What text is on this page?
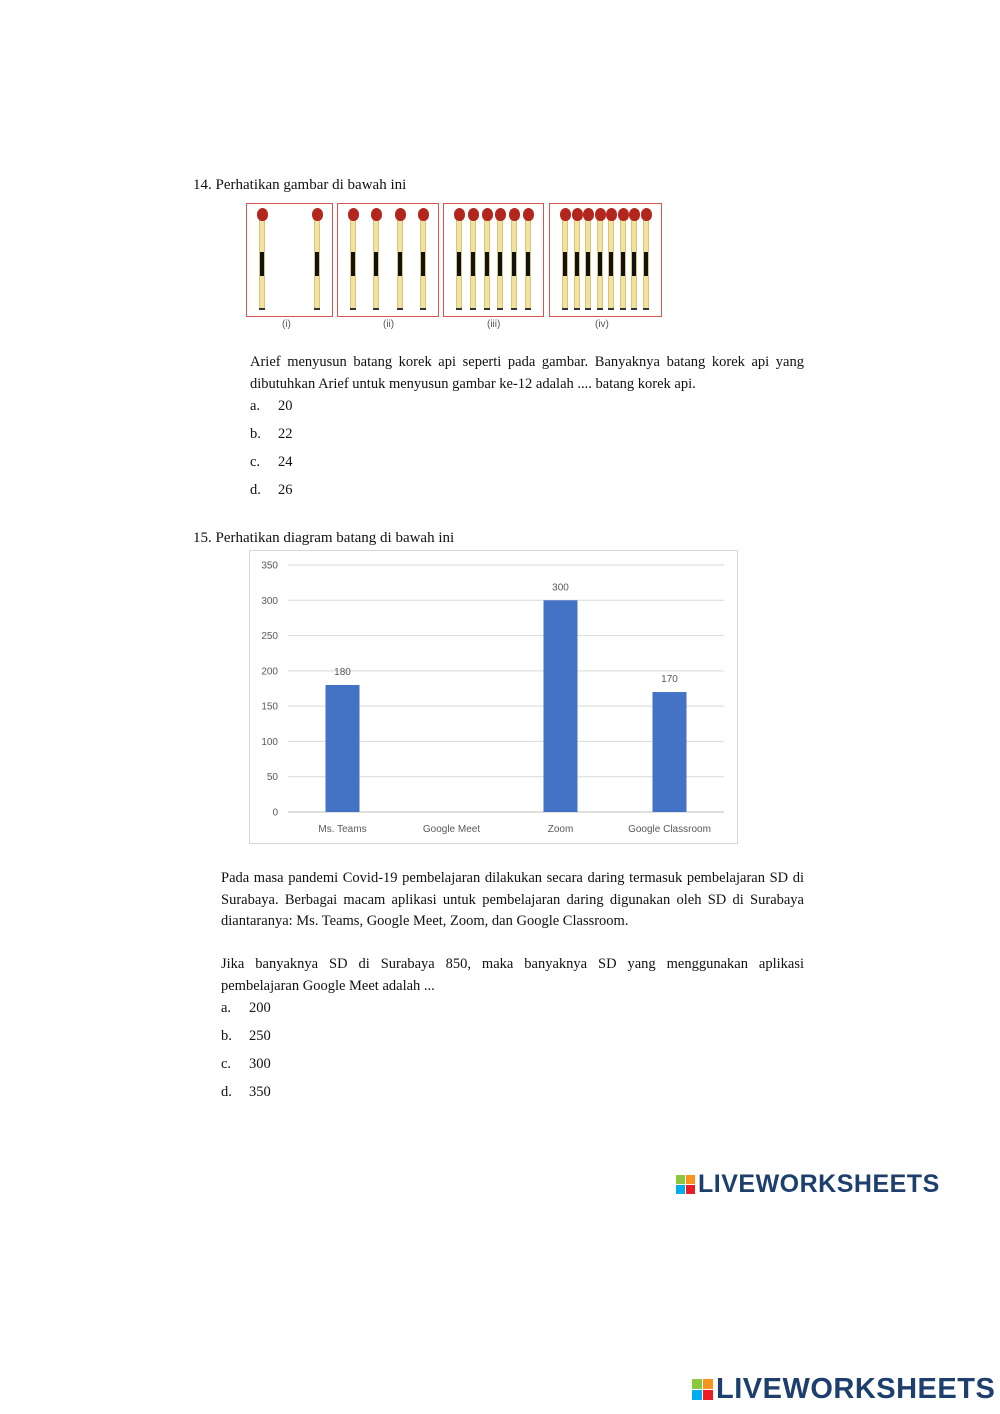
14. Perhatikan gambar di bawah ini
(i)	(ii)	(iii)	(iv)
Arief menyusun batang korek api seperti pada gambar. Banyaknya batang korek api yang dibutuhkan Arief untuk menyusun gambar ke-12 adalah .... batang korek api.
a. 20
b. 22
c. 24
d. 26
15. Perhatikan diagram batang di bawah ini
0
50
100
150
200
250
300
350
180
Ms. Teams	Google Meet
300
Zoom
170
Google Classroom
Pada masa pandemi Covid-19 pembelajaran dilakukan secara daring termasuk pembelajaran SD di Surabaya. Berbagai macam aplikasi untuk pembelajaran daring digunakan oleh SD di Surabaya diantaranya: Ms. Teams, Google Meet, Zoom, dan Google Classroom.
Jika banyaknya SD di Surabaya 850, maka banyaknya SD yang menggunakan aplikasi pembelajaran Google Meet adalah ...
a. 200
b. 250
c. 300
d. 350
LIVEWORKSHEETS
LIVEWORKSHEETS
